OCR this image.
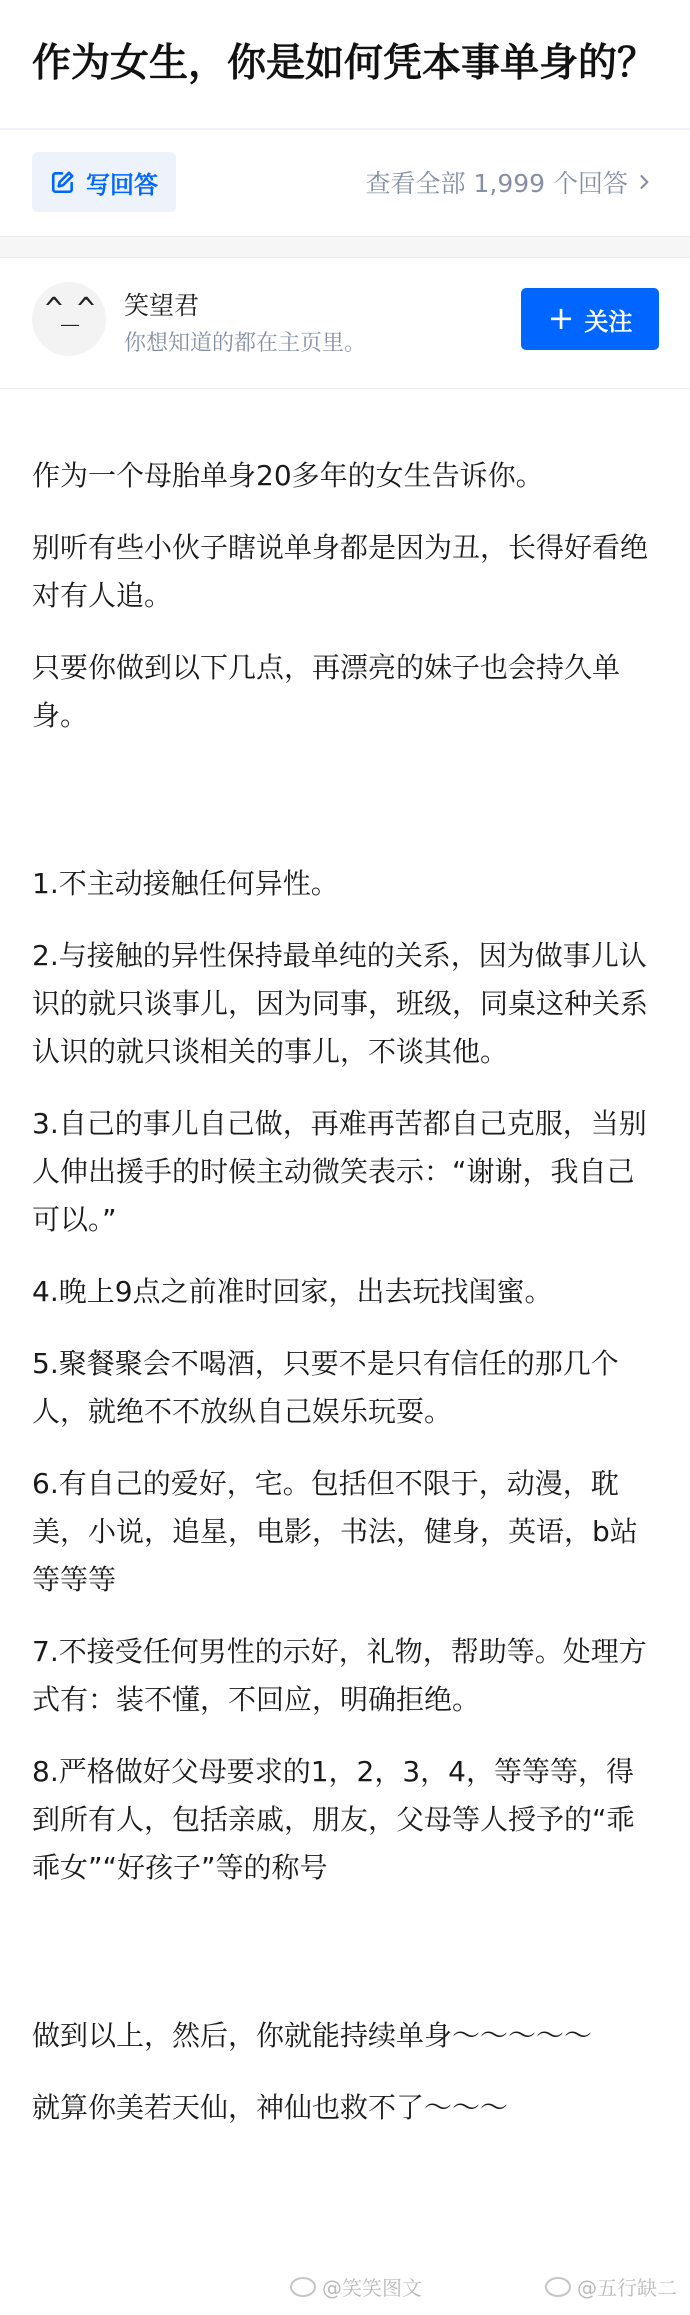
作为女生，你是如何凭本事单身的？
写回答	查看全部 1,999 个回答
^_^	笑望君
你想知道的都在主页里。
+ 关注

作为一个母胎单身20多年的女生告诉你。

别听有些小伙子瞎说单身都是因为丑，长得好看绝对有人追。

只要你做到以下几点，再漂亮的妹子也会持久单身。

1.不主动接触任何异性。

2.与接触的异性保持最单纯的关系，因为做事儿认识的就只谈事儿，因为同事，班级，同桌这种关系认识的就只谈相关的事儿，不谈其他。

3.自己的事儿自己做，再难再苦都自己克服，当别人伸出援手的时候主动微笑表示：“谢谢，我自己可以。”

4.晚上9点之前准时回家，出去玩找闺蜜。

5.聚餐聚会不喝酒，只要不是只有信任的那几个人，就绝不不放纵自己娱乐玩耍。

6.有自己的爱好，宅。包括但不限于，动漫，耽美，小说，追星，电影，书法，健身，英语，b站等等等

7.不接受任何男性的示好，礼物，帮助等。处理方式有：装不懂，不回应，明确拒绝。

8.严格做好父母要求的1，2，3，4，等等等，得到所有人，包括亲戚，朋友，父母等人授予的“乖乖女”“好孩子”等的称号

做到以上，然后，你就能持续单身～～～～～

就算你美若天仙，神仙也救不了～～～

@笑笑图文	@五行缺二
